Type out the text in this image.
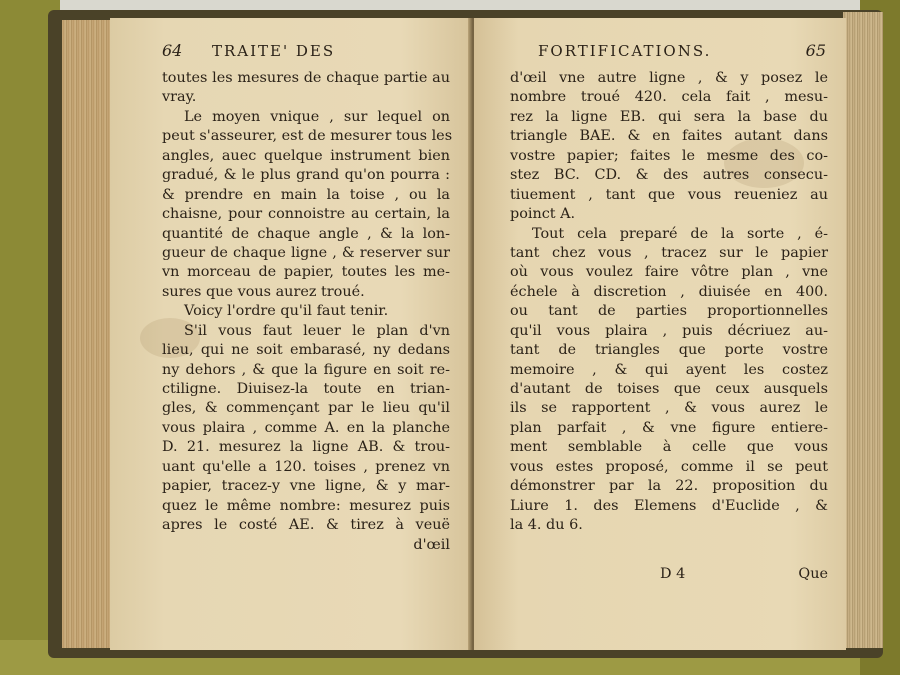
64 TRAITE' DES
toutes les mesures de chaque partie au
vray.
Le moyen vnique , sur lequel on
peut s'asseurer, est de mesurer tous les
angles, auec quelque instrument bien
gradué, & le plus grand qu'on pourra :
& prendre en main la toise , ou la
chaisne, pour connoistre au certain, la
quantité de chaque angle , & la lon-
gueur de chaque ligne , & reserver sur
vn morceau de papier, toutes les me-
sures que vous aurez troué.
Voicy l'ordre qu'il faut tenir.
S'il vous faut leuer le plan d'vn
lieu, qui ne soit embarasé, ny dedans
ny dehors , & que la figure en soit re-
ctiligne. Diuisez-la toute en trian-
gles, & commençant par le lieu qu'il
vous plaira , comme A. en la planche
D. 21. mesurez la ligne AB. & trou-
uant qu'elle a 120. toises , prenez vn
papier, tracez-y vne ligne, & y mar-
quez le même nombre: mesurez puis
apres le costé AE. & tirez à veuë
d'œil
FORTIFICATIONS.	65
d'œil vne autre ligne , & y posez le
nombre troué 420. cela fait , mesu-
rez la ligne EB. qui sera la base du
triangle BAE. & en faites autant dans
vostre papier; faites le mesme des co-
stez BC. CD. & des autres consecu-
tiuement , tant que vous reueniez au
poinct A.
Tout cela preparé de la sorte , é-
tant chez vous , tracez sur le papier
où vous voulez faire vôtre plan , vne
échele à discretion , diuisée en 400.
ou tant de parties proportionnelles
qu'il vous plaira , puis décriuez au-
tant de triangles que porte vostre
memoire , & qui ayent les costez
d'autant de toises que ceux ausquels
ils se rapportent , & vous aurez le
plan parfait , & vne figure entiere-
ment semblable à celle que vous
vous estes proposé, comme il se peut
démonstrer par la 22. proposition du
Liure 1. des Elemens d'Euclide , &
la 4. du 6.
D 4	Que
